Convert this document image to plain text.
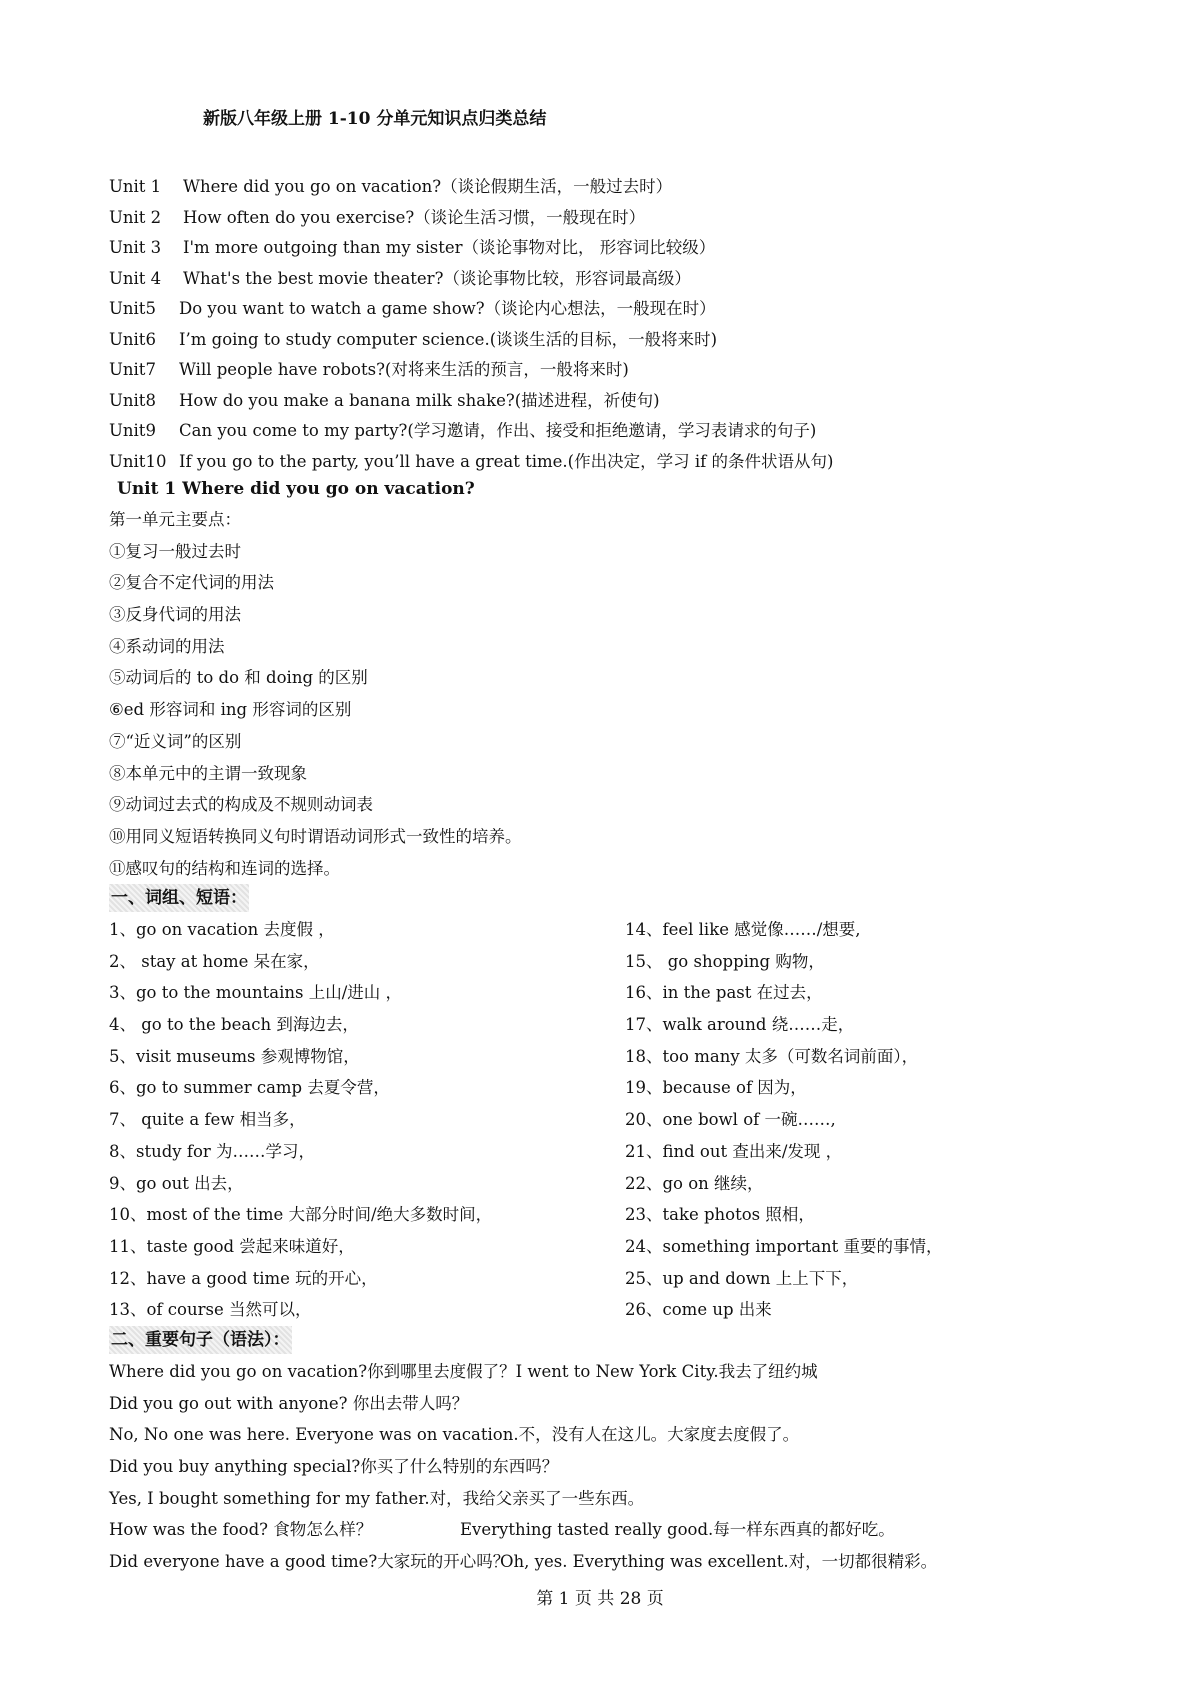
新版八年级上册 1-10 分单元知识点归类总结
Unit 1 Where did you go on vacation?（谈论假期生活，一般过去时）
Unit 2 How often do you exercise?（谈论生活习惯，一般现在时）
Unit 3 I'm more outgoing than my sister（谈论事物对比， 形容词比较级）
Unit 4 What's the best movie theater?（谈论事物比较，形容词最高级）
Unit5 Do you want to watch a game show?（谈论内心想法，一般现在时）
Unit6 I’m going to study computer science.(谈谈生活的目标，一般将来时)
Unit7 Will people have robots?(对将来生活的预言，一般将来时)
Unit8 How do you make a banana milk shake?(描述进程，祈使句)
Unit9 Can you come to my party?(学习邀请，作出、接受和拒绝邀请，学习表请求的句子)
Unit10 If you go to the party, you’ll have a great time.(作出决定，学习 if 的条件状语从句)
Unit 1 Where did you go on vacation?
第一单元主要点：
①复习一般过去时
②复合不定代词的用法
③反身代词的用法
④系动词的用法
⑤动词后的 to do 和 doing 的区别
⑥ed 形容词和 ing 形容词的区别
⑦“近义词”的区别
⑧本单元中的主谓一致现象
⑨动词过去式的构成及不规则动词表
⑩用同义短语转换同义句时谓语动词形式一致性的培养。
⑪感叹句的结构和连词的选择。
一、词组、短语：
1、go on vacation 去度假 ，
2、 stay at home 呆在家，
3、go to the mountains 上山/进山 ，
4、 go to the beach 到海边去，
5、visit museums 参观博物馆，
6、go to summer camp 去夏令营，
7、 quite a few 相当多，
8、study for 为……学习，
9、go out 出去，
10、most of the time 大部分时间/绝大多数时间，
11、taste good 尝起来味道好，
12、have a good time 玩的开心，
13、of course 当然可以，
14、feel like 感觉像……/想要,
15、 go shopping 购物，
16、in the past 在过去，
17、walk around 绕……走，
18、too many 太多（可数名词前面），
19、because of 因为，
20、one bowl of 一碗……,
21、find out 查出来/发现 ，
22、go on 继续，
23、take photos 照相，
24、something important 重要的事情，
25、up and down 上上下下，
26、come up 出来
二、重要句子（语法）：
Where did you go on vacation?你到哪里去度假了？I went to New York City.我去了纽约城
Did you go out with anyone? 你出去带人吗？
No, No one was here. Everyone was on vacation.不，没有人在这儿。大家度去度假了。
Did you buy anything special?你买了什么特别的东西吗？
Yes, I bought something for my father.对，我给父亲买了一些东西。
How was the food? 食物怎么样？	Everything tasted really good.每一样东西真的都好吃。
Did everyone have a good time?大家玩的开心吗？Oh, yes. Everything was excellent.对，一切都很精彩。
第 1 页 共 28 页
